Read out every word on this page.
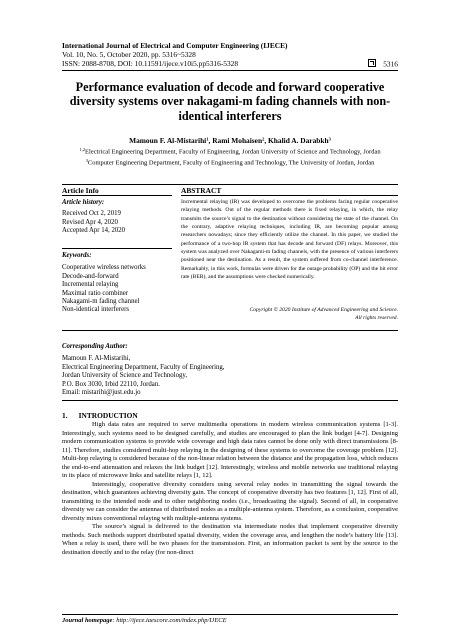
International Journal of Electrical and Computer Engineering (IJECE)
Vol. 10, No. 5, October 2020, pp. 5316~5328
ISSN: 2088-8708, DOI: 10.11591/ijece.v10i5.pp5316-5328	5316
Performance evaluation of decode and forward cooperative diversity systems over nakagami-m fading channels with non-identical interferers
Mamoun F. Al-Mistarihi$^1$, Rami Mohaisen$^2$, Khalid A. Darabkh$^3$
$^{1,2}$Electrical Engineering Department, Faculty of Engineering, Jordan University of Science and Technology, Jordan
$^3$Computer Engineering Department, Faculty of Engineering and Technology, The University of Jordan, Jordan
Article Info	ABSTRACT
Article history:
Received Oct 2, 2019
Revised Apr 4, 2020
Accepted Apr 14, 2020
Keywords:
Cooperative wireless networks
Decode-and-forward
Incremental relaying
Maximal ratio combiner
Nakagami-m fading channel
Non-identical interferers
Incremental relaying (IR) was developed to overcome the problems facing regular cooperative relaying methods. Out of the regular methods there is fixed relaying, in which, the relay transmits the source’s signal to the destination without considering the state of the channel. On the contrary, adaptive relaying techniques, including IR, are becoming popular among researchers nowadays; since they efficiently utilize the channel. In this paper, we studied the performance of a two-hop IR system that has decode and forward (DF) relays. Moreover, this system was analyzed over Nakagami-m fading channels, with the presence of various interferers positioned near the destination. As a result, the system suffered from co-channel interference. Remarkably, in this work, formulas were driven for the outage probability (OP) and the bit error rate (BER), and the assumptions were checked numerically.
Copyright © 2020 Institute of Advanced Engineering and Science.
All rights reserved.
Corresponding Author:
Mamoun F. Al-Mistarihi,
Electrical Engineering Department, Faculty of Engineering,
Jordan University of Science and Technology,
P.O. Box 3030, Irbid 22110, Jordan.
Email: mistarihi@just.edu.jo
1.      INTRODUCTION

High data rates are required to serve multimedia operations in modern wireless communication systems [1-3]. Interestingly, such systems need to be designed carefully, and studies are encouraged to plan the link budget [4-7]. Designing modern communication systems to provide wide coverage and high data rates cannot be done only with direct transmissions [8-11]. Therefore, studies considered multi-hop relaying in the designing of these systems to overcome the coverage problem [12]. Multi-hop relaying is considered because of the non-linear relation between the distance and the propagation loss, which reduces the end-to-end attenuation and relaxes the link budget [12]. Interestingly, wireless and mobile networks use traditional relaying in its place of microwave links and satellite relays [1, 12].

Interestingly, cooperative diversity considers using several relay nodes in transmitting the signal towards the destination, which guarantees achieving diversity gain. The concept of cooperative diversity has two features [1, 12]. First of all, transmitting to the intended node and to other neighboring nodes (i.e., broadcasting the signal). Second of all, in cooperative diversity we can consider the antennas of distributed nodes as a multiple-antenna system. Therefore, as a conclusion, cooperative diversity mixes conventional relaying with multiple-antenna systems.

The source’s signal is delivered to the destination via intermediate nodes that implement cooperative diversity methods. Such methods support distributed spatial diversity, widen the coverage area, and lengthen the node’s battery life [13]. When a relay is used, there will be two phases for the transmission. First, an information packet is sent by the source to the destination directly and to the relay (for non-direct

Journal homepage: http://ijece.iaescore.com/index.php/IJECE
